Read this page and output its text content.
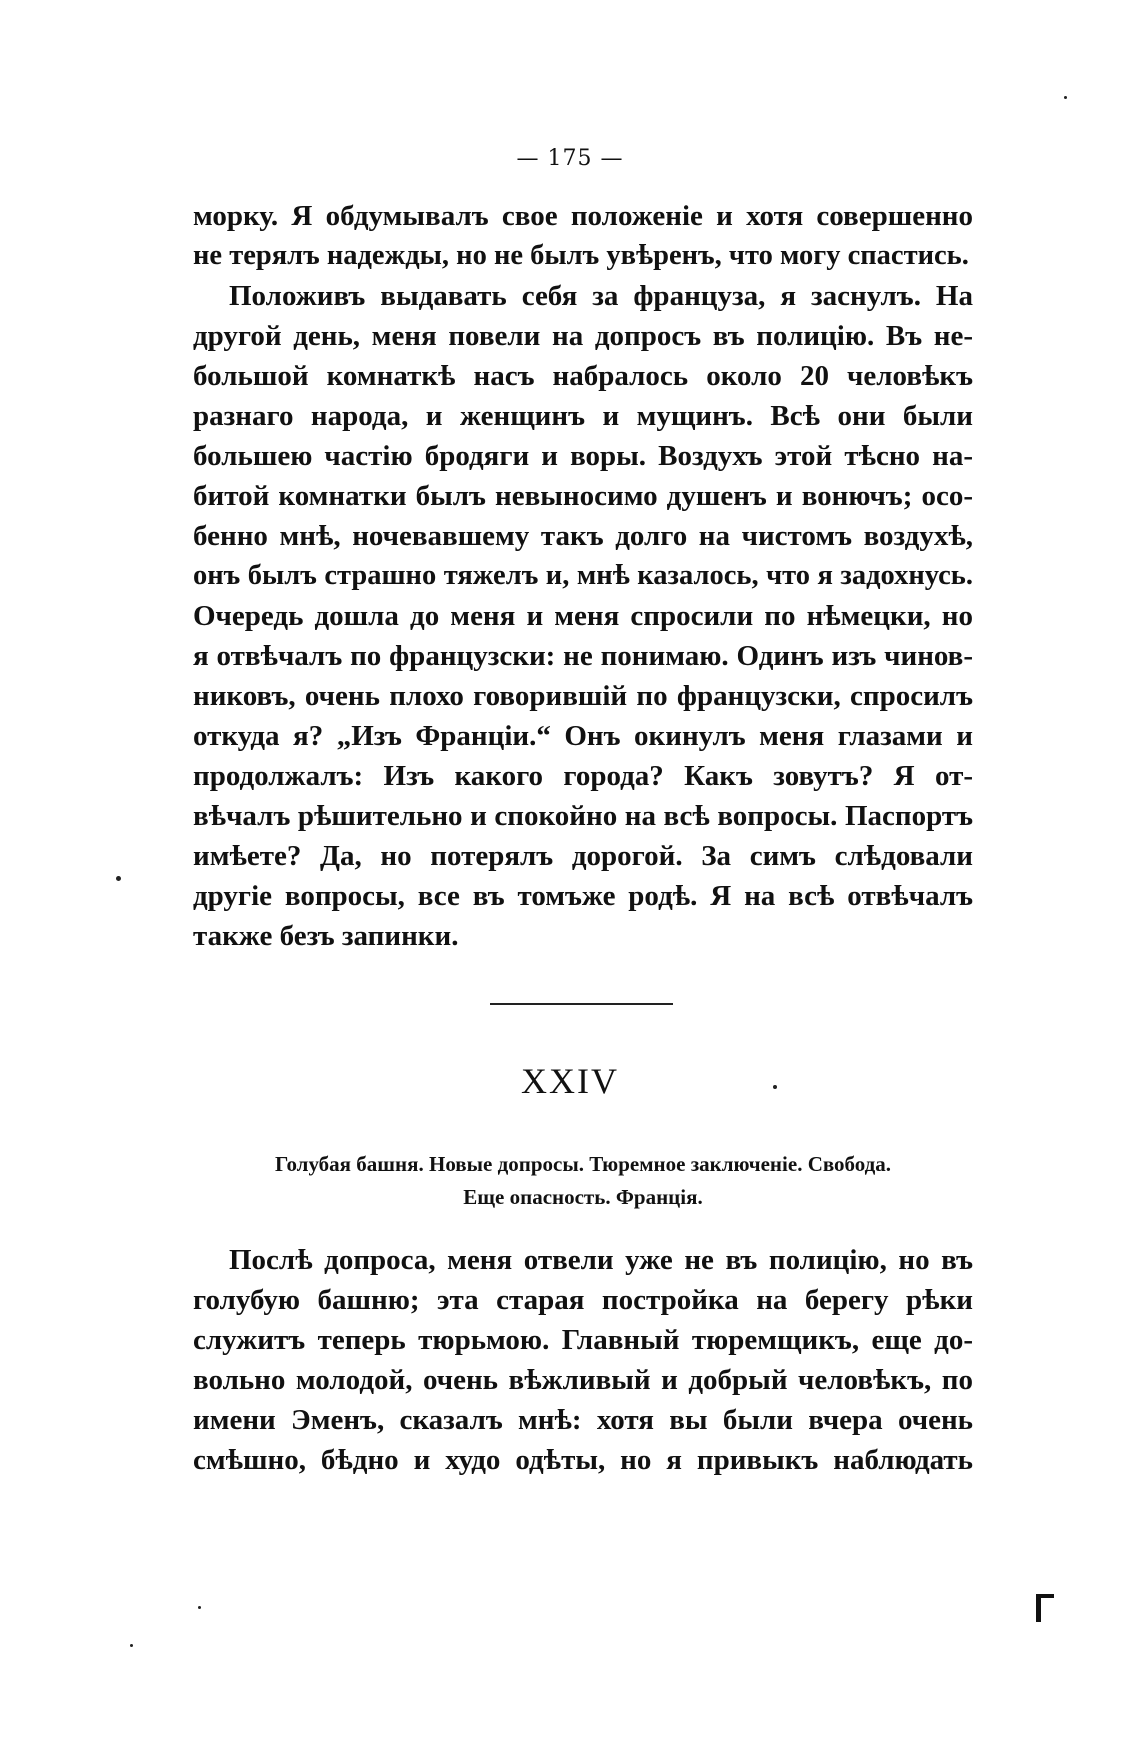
— 175 —
морку. Я обдумывалъ свое положеніе и хотя совершенно
не терялъ надежды, но не былъ увѣренъ, что могу спастись.
Положивъ выдавать себя за француза, я заснулъ. На
другой день, меня повели на допросъ въ полицію. Въ не-
большой комнаткѣ насъ набралось около 20 человѣкъ
разнаго народа, и женщинъ и мущинъ. Всѣ они были
большею частію бродяги и воры. Воздухъ этой тѣсно на-
битой комнатки былъ невыносимо душенъ и вонючъ; осо-
бенно мнѣ, ночевавшему такъ долго на чистомъ воздухѣ,
онъ былъ страшно тяжелъ и, мнѣ казалось, что я задохнусь.
Очередь дошла до меня и меня спросили по нѣмецки, но
я отвѣчалъ по французски: не понимаю. Одинъ изъ чинов-
никовъ, очень плохо говорившій по французски, спросилъ
откуда я? „Изъ Франціи.“ Онъ окинулъ меня глазами и
продолжалъ: Изъ какого города? Какъ зовутъ? Я от-
вѣчалъ рѣшительно и спокойно на всѣ вопросы. Паспортъ
имѣете? Да, но потерялъ дорогой. За симъ слѣдовали
другіе вопросы, все въ томъже родѣ. Я на всѣ отвѣчалъ
также безъ запинки.
XXIV
Голубая башня. Новые допросы. Тюремное заключеніе. Свобода.
Еще опасность. Франція.
Послѣ допроса, меня отвели уже не въ полицію, но въ
голубую башню; эта старая постройка на берегу рѣки
служитъ теперь тюрьмою. Главный тюремщикъ, еще до-
вольно молодой, очень вѣжливый и добрый человѣкъ, по
имени Эменъ, сказалъ мнѣ: хотя вы были вчера очень
смѣшно, бѣдно и худо одѣты, но я привыкъ наблюдать
